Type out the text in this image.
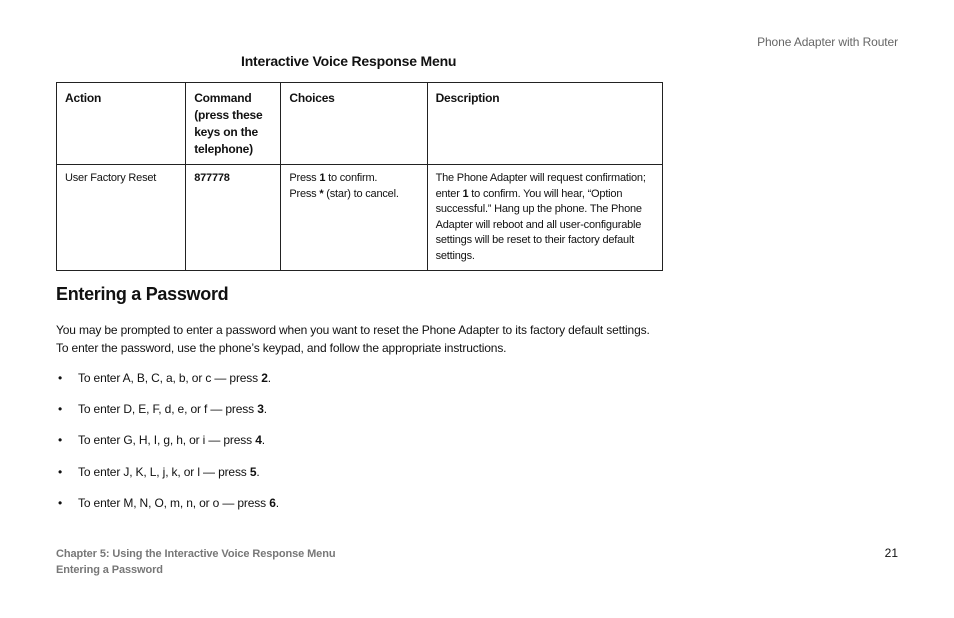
Phone Adapter with Router
Interactive Voice Response Menu
Action	Command (press these keys on the telephone)	Choices	Description
User Factory Reset	877778	Press 1 to confirm.
Press * (star) to cancel.	The Phone Adapter will request confirmation; enter 1 to confirm. You will hear, “Option successful.” Hang up the phone. The Phone Adapter will reboot and all user-configurable settings will be reset to their factory default settings.
Entering a Password

You may be prompted to enter a password when you want to reset the Phone Adapter to its factory default settings. To enter the password, use the phone’s keypad, and follow the appropriate instructions.

• To enter A, B, C, a, b, or c — press 2.
• To enter D, E, F, d, e, or f — press 3.
• To enter G, H, I, g, h, or i — press 4.
• To enter J, K, L, j, k, or l — press 5.
• To enter M, N, O, m, n, or o — press 6.
Chapter 5: Using the Interactive Voice Response Menu
Entering a Password
21
